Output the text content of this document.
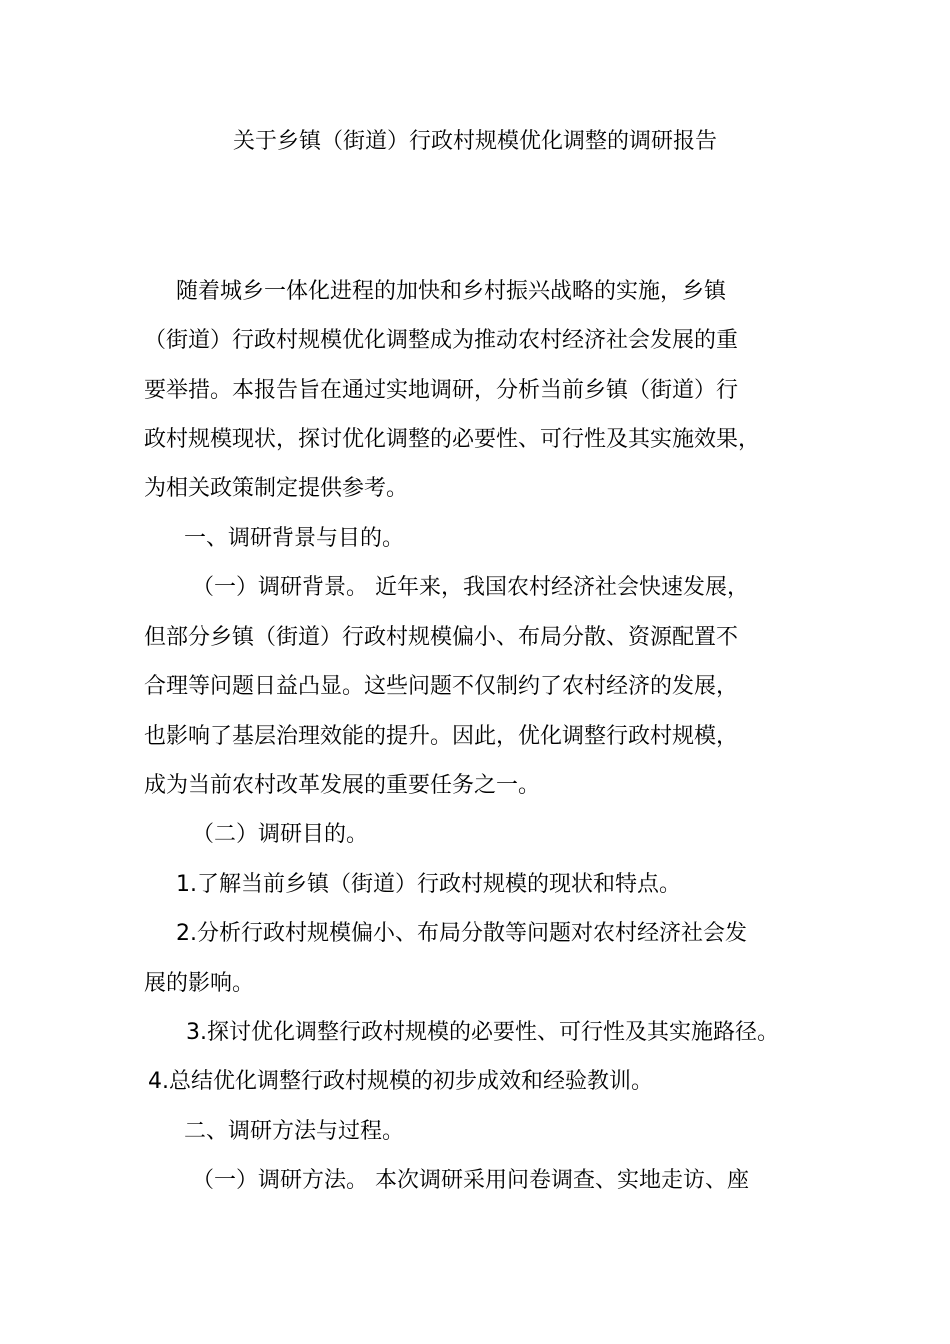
关于乡镇（街道）行政村规模优化调整的调研报告
随着城乡一体化进程的加快和乡村振兴战略的实施，乡镇
（街道）行政村规模优化调整成为推动农村经济社会发展的重
要举措。本报告旨在通过实地调研，分析当前乡镇（街道）行
政村规模现状，探讨优化调整的必要性、可行性及其实施效果，
为相关政策制定提供参考。
一、调研背景与目的。
（一）调研背景。 近年来，我国农村经济社会快速发展，
但部分乡镇（街道）行政村规模偏小、布局分散、资源配置不
合理等问题日益凸显。这些问题不仅制约了农村经济的发展，
也影响了基层治理效能的提升。因此，优化调整行政村规模，
成为当前农村改革发展的重要任务之一。
（二）调研目的。
1.了解当前乡镇（街道）行政村规模的现状和特点。
2.分析行政村规模偏小、布局分散等问题对农村经济社会发
展的影响。
3.探讨优化调整行政村规模的必要性、可行性及其实施路径。
4.总结优化调整行政村规模的初步成效和经验教训。
二、调研方法与过程。
（一）调研方法。 本次调研采用问卷调查、实地走访、座
